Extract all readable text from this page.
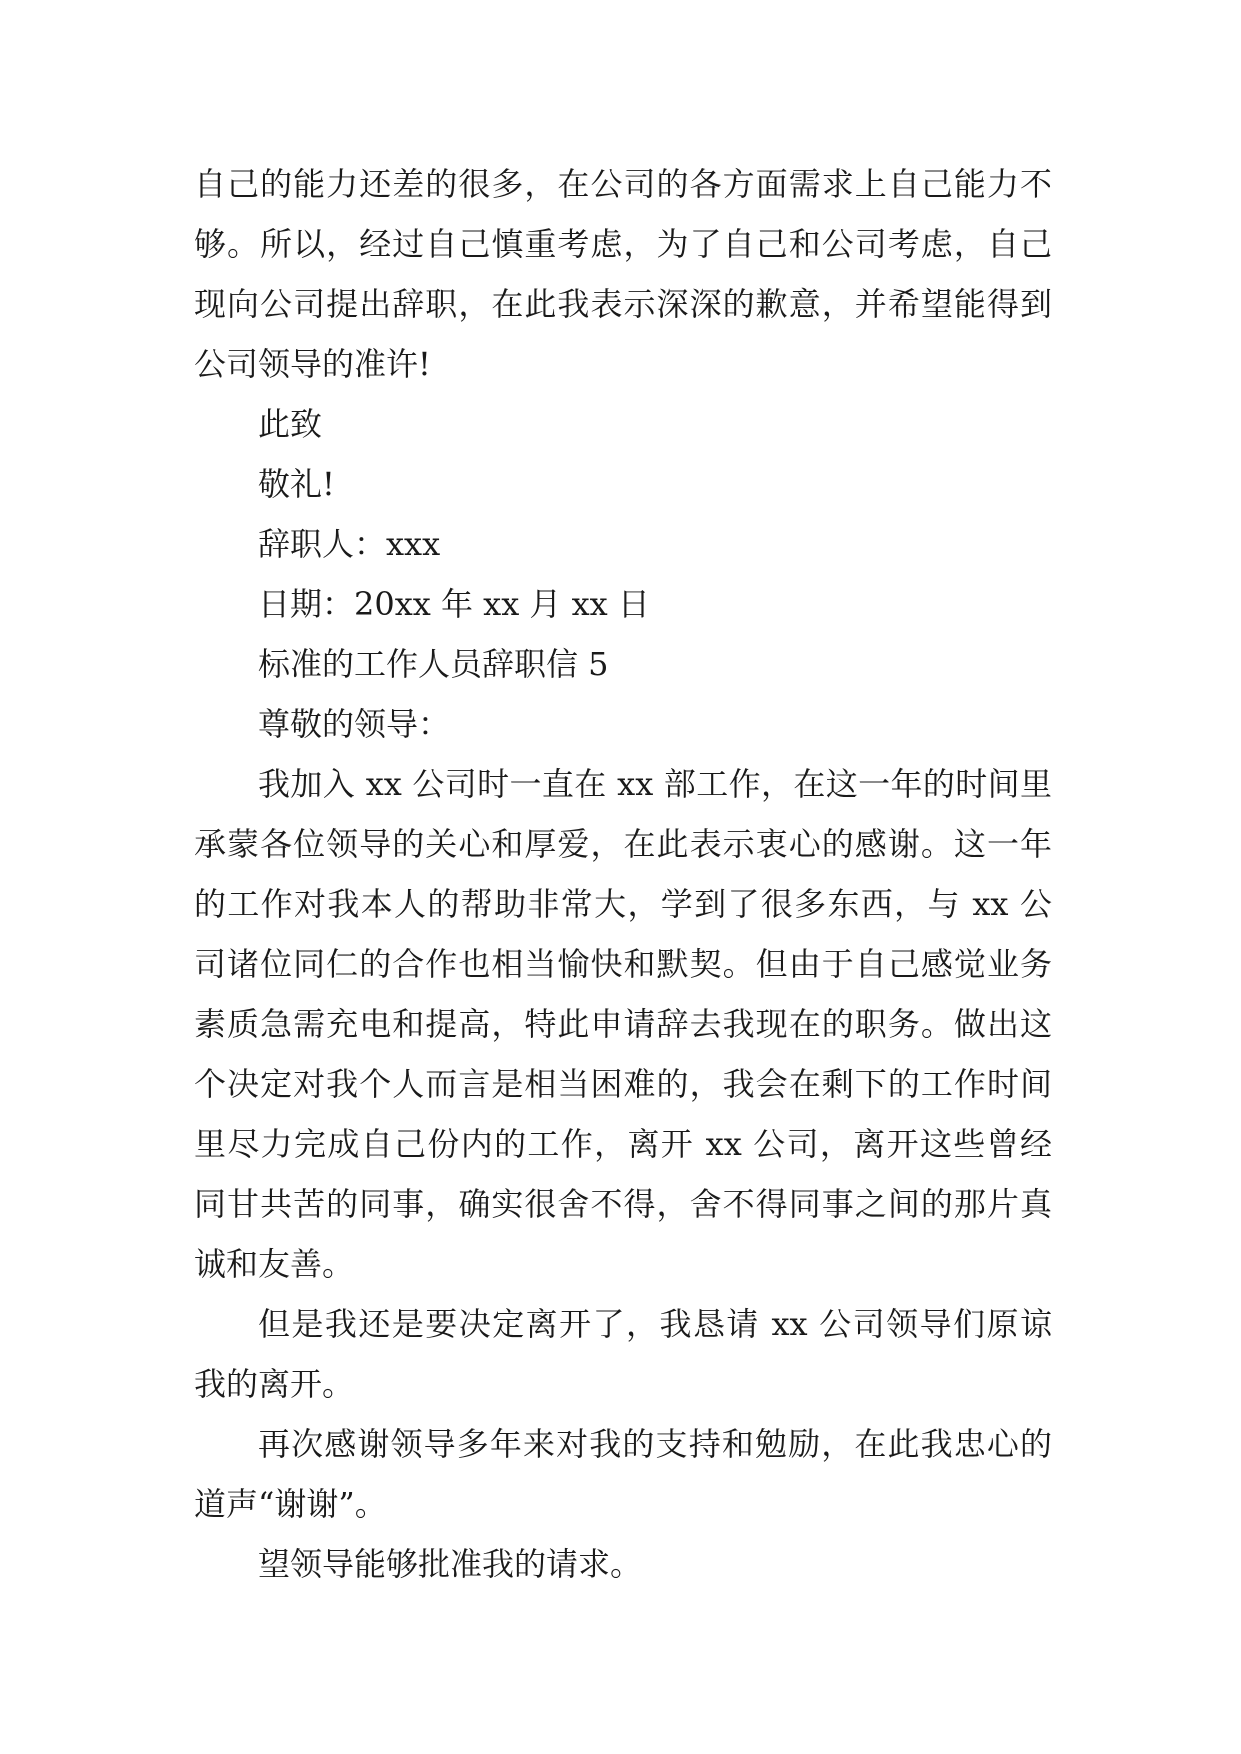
自己的能力还差的很多，在公司的各方面需求上自己能力不
够。所以，经过自己慎重考虑，为了自己和公司考虑，自己
现向公司提出辞职，在此我表示深深的歉意，并希望能得到
公司领导的准许!
此致
敬礼!
辞职人：xxx
日期：20xx 年 xx 月 xx 日
标准的工作人员辞职信 5
尊敬的领导：
我加入 xx 公司时一直在 xx 部工作，在这一年的时间里
承蒙各位领导的关心和厚爱，在此表示衷心的感谢。这一年
的工作对我本人的帮助非常大，学到了很多东西，与 xx 公
司诸位同仁的合作也相当愉快和默契。但由于自己感觉业务
素质急需充电和提高，特此申请辞去我现在的职务。做出这
个决定对我个人而言是相当困难的，我会在剩下的工作时间
里尽力完成自己份内的工作，离开 xx 公司，离开这些曾经
同甘共苦的同事，确实很舍不得，舍不得同事之间的那片真
诚和友善。
但是我还是要决定离开了，我恳请 xx 公司领导们原谅
我的离开。
再次感谢领导多年来对我的支持和勉励，在此我忠心的
道声“谢谢”。
望领导能够批准我的请求。
